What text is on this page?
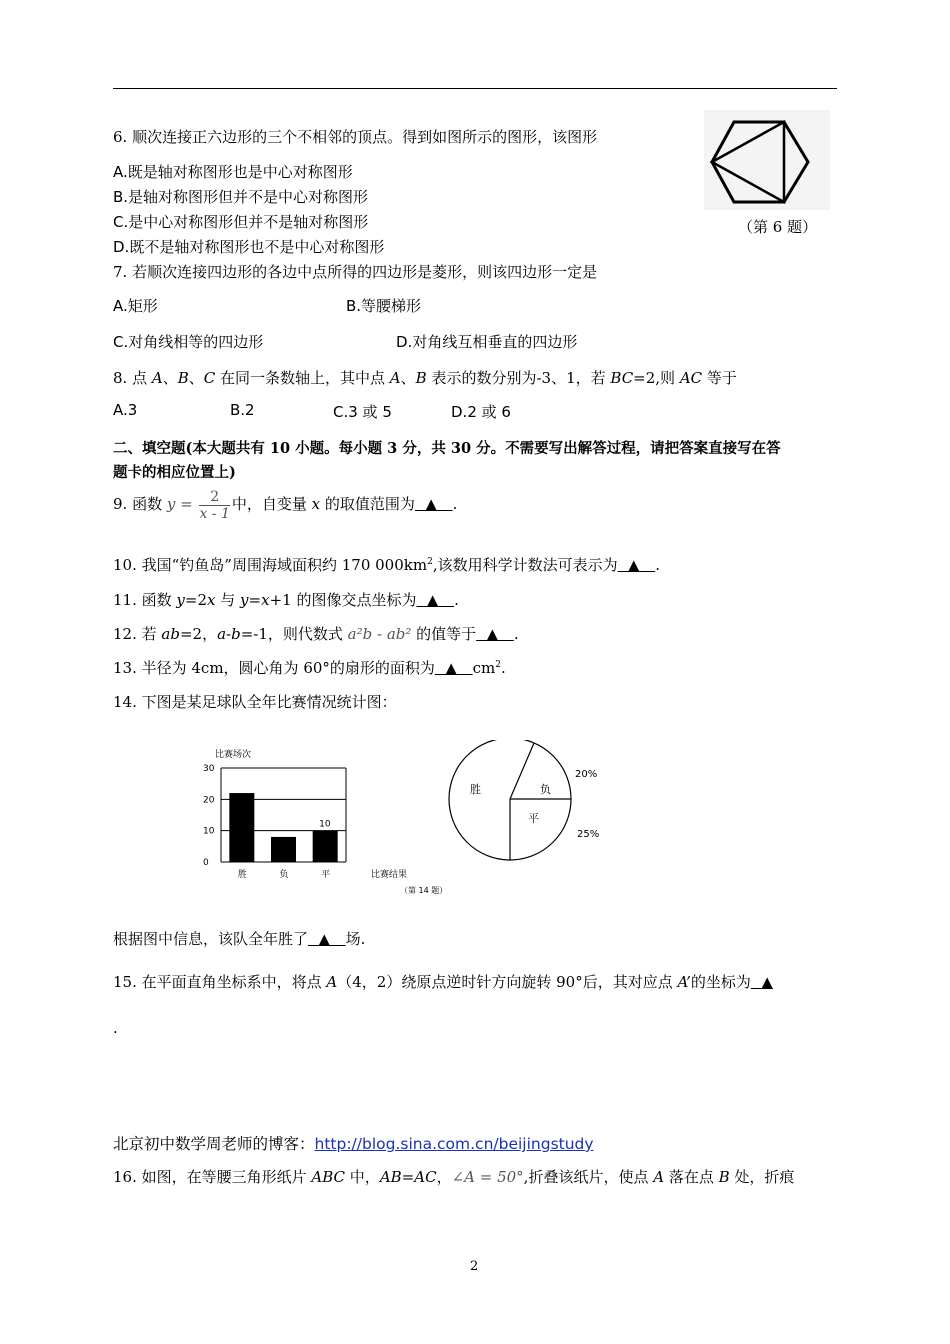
6. 顺次连接正六边形的三个不相邻的顶点。得到如图所示的图形，该图形
A.既是轴对称图形也是中心对称图形
B.是轴对称图形但并不是中心对称图形
C.是中心对称图形但并不是轴对称图形
D.既不是轴对称图形也不是中心对称图形
（第 6 题）
7. 若顺次连接四边形的各边中点所得的四边形是菱形，则该四边形一定是
A.矩形	B.等腰梯形
C.对角线相等的四边形	D.对角线互相垂直的四边形
8. 点 A、B、C 在同一条数轴上，其中点 A、B 表示的数分别为-3、1，若 BC=2,则 AC 等于
A.3	B.2	C.3 或 5	D.2 或 6
二、填空题(本大题共有 10 小题。每小题 3 分，共 30 分。不需要写出解答过程，请把答案直接写在答
题卡的相应位置上)
9. 函数 $y = \frac{2}{x - 1}$ 中，自变量 x 的取值范围为  ▲   .
10. 我国“钓鱼岛”周围海域面积约 170 $000km^2$,该数用科学计数法可表示为  ▲   .
11. 函数 y=2x 与 y=x+1 的图像交点坐标为  ▲   .
12. 若 ab=2，a-b=-1，则代数式 a²b - ab² 的值等于  ▲   .
13. 半径为 4cm，圆心角为 60°的扇形的面积为  ▲   $cm^2$.
14. 下图是某足球队全年比赛情况统计图：
比赛场次
0
10
20
30
胜	负	平
10
比赛结果
（第 14 题）
胜	负
平
20%
25%
根据图中信息，该队全年胜了  ▲   场.
15. 在平面直角坐标系中，将点 A（4，2）绕原点逆时针方向旋转 90°后，其对应点 A’的坐标为  ▲
.
北京初中数学周老师的博客：http://blog.sina.com.cn/beijingstudy
16. 如图，在等腰三角形纸片 ABC 中，AB=AC，∠A = 50°,折叠该纸片，使点 A 落在点 B 处，折痕
2
